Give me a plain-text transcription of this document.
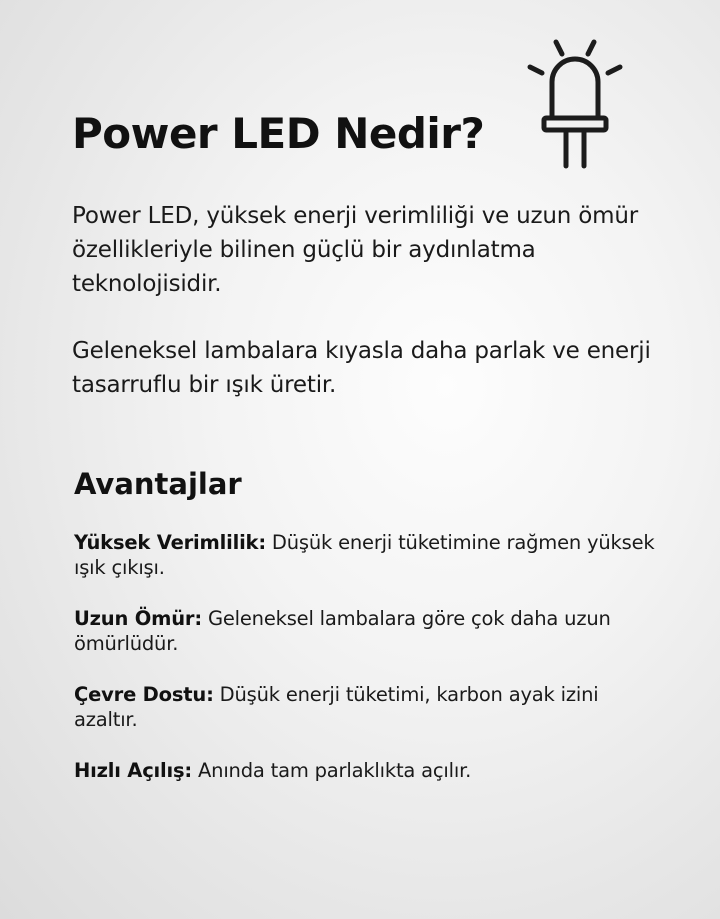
Power LED Nedir?

Power LED, yüksek enerji verimliliği ve uzun ömür özellikleriyle bilinen güçlü bir aydınlatma teknolojisidir.

Geleneksel lambalara kıyasla daha parlak ve enerji tasarruflu bir ışık üretir.

Avantajlar
Yüksek Verimlilik: Düşük enerji tüketimine rağmen yüksek ışık çıkışı.
Uzun Ömür: Geleneksel lambalara göre çok daha uzun ömürlüdür.
Çevre Dostu: Düşük enerji tüketimi, karbon ayak izini azaltır.
Hızlı Açılış: Anında tam parlaklıkta açılır.
